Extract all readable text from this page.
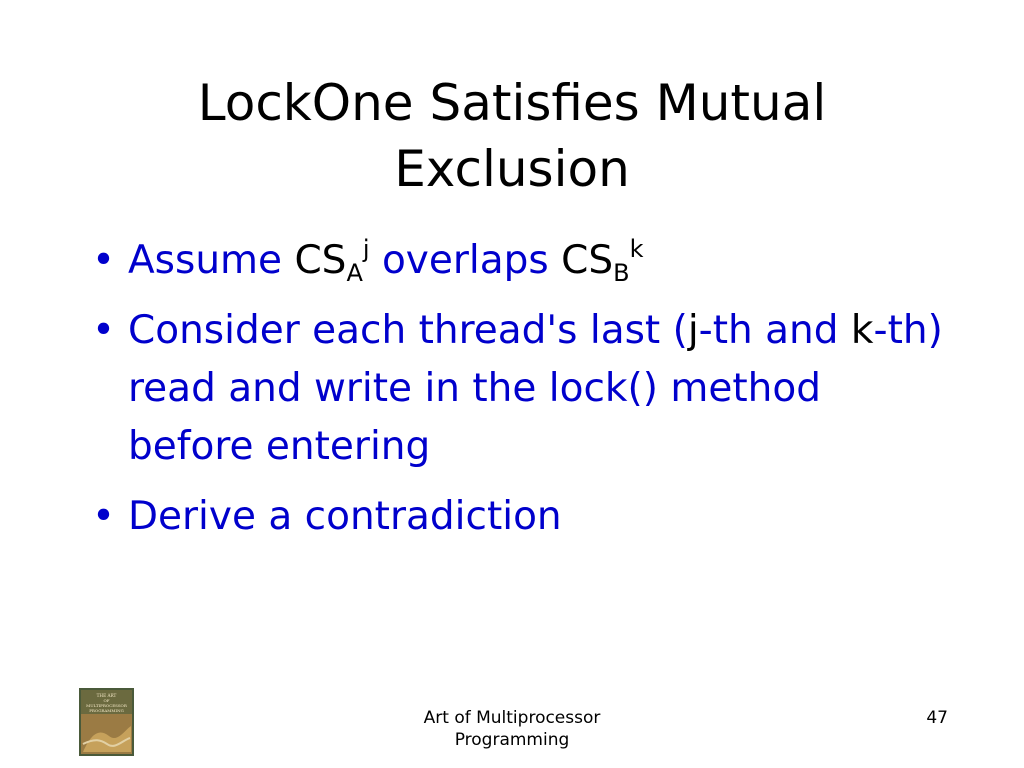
LockOne Satisfies Mutual
Exclusion
• Assume $CS_A^j$ overlaps $CS_B^k$
• Consider each thread's last (j-th and k-th) read and write in the lock() method before entering
• Derive a contradiction
THE ART
OF
MULTIPROCESSOR
PROGRAMMING	Art of Multiprocessor
Programming
47
